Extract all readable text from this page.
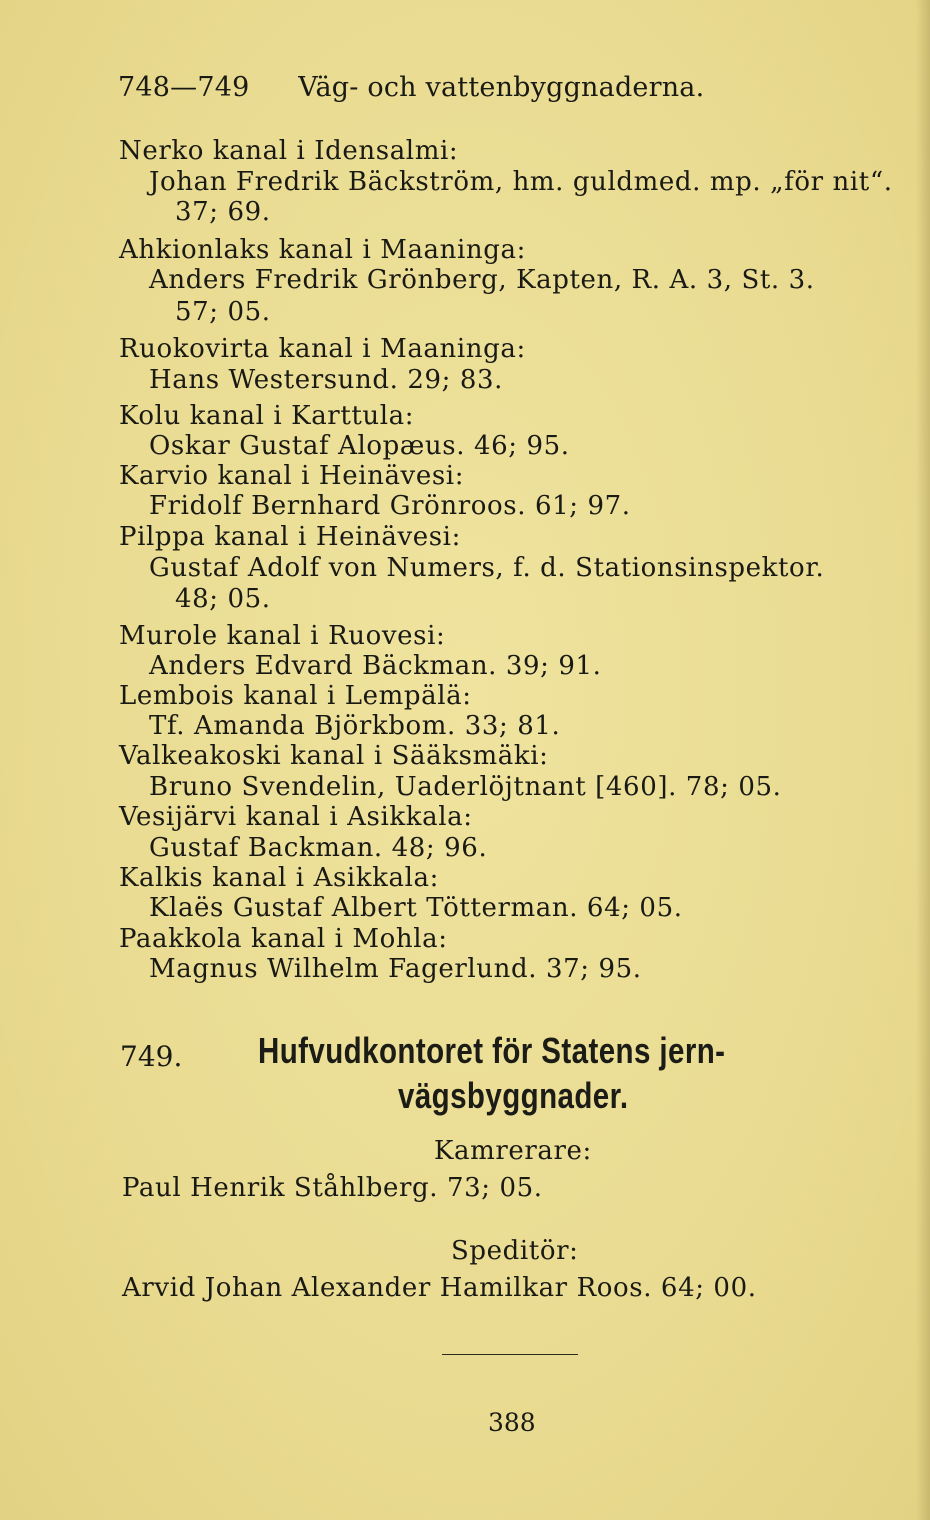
748—749 Väg- och vattenbyggnaderna.
Nerko kanal i Idensalmi:
Johan Fredrik Bäckström, hm. guldmed. mp. „för nit“.
37; 69.
Ahkionlaks kanal i Maaninga:
Anders Fredrik Grönberg, Kapten, R. A. 3, St. 3.
57; 05.
Ruokovirta kanal i Maaninga:
Hans Westersund. 29; 83.
Kolu kanal i Karttula:
Oskar Gustaf Alopæus. 46; 95.
Karvio kanal i Heinävesi:
Fridolf Bernhard Grönroos. 61; 97.
Pilppa kanal i Heinävesi:
Gustaf Adolf von Numers, f. d. Stationsinspektor.
48; 05.
Murole kanal i Ruovesi:
Anders Edvard Bäckman. 39; 91.
Lembois kanal i Lempälä:
Tf. Amanda Björkbom. 33; 81.
Valkeakoski kanal i Sääksmäki:
Bruno Svendelin, Uaderlöjtnant [460]. 78; 05.
Vesijärvi kanal i Asikkala:
Gustaf Backman. 48; 96.
Kalkis kanal i Asikkala:
Klaës Gustaf Albert Tötterman. 64; 05.
Paakkola kanal i Mohla:
Magnus Wilhelm Fagerlund. 37; 95.
749. Hufvudkontoret för Statens jern-
vägsbyggnader.
Kamrerare:
Paul Henrik Ståhlberg. 73; 05.
Speditör:
Arvid Johan Alexander Hamilkar Roos. 64; 00.
388
